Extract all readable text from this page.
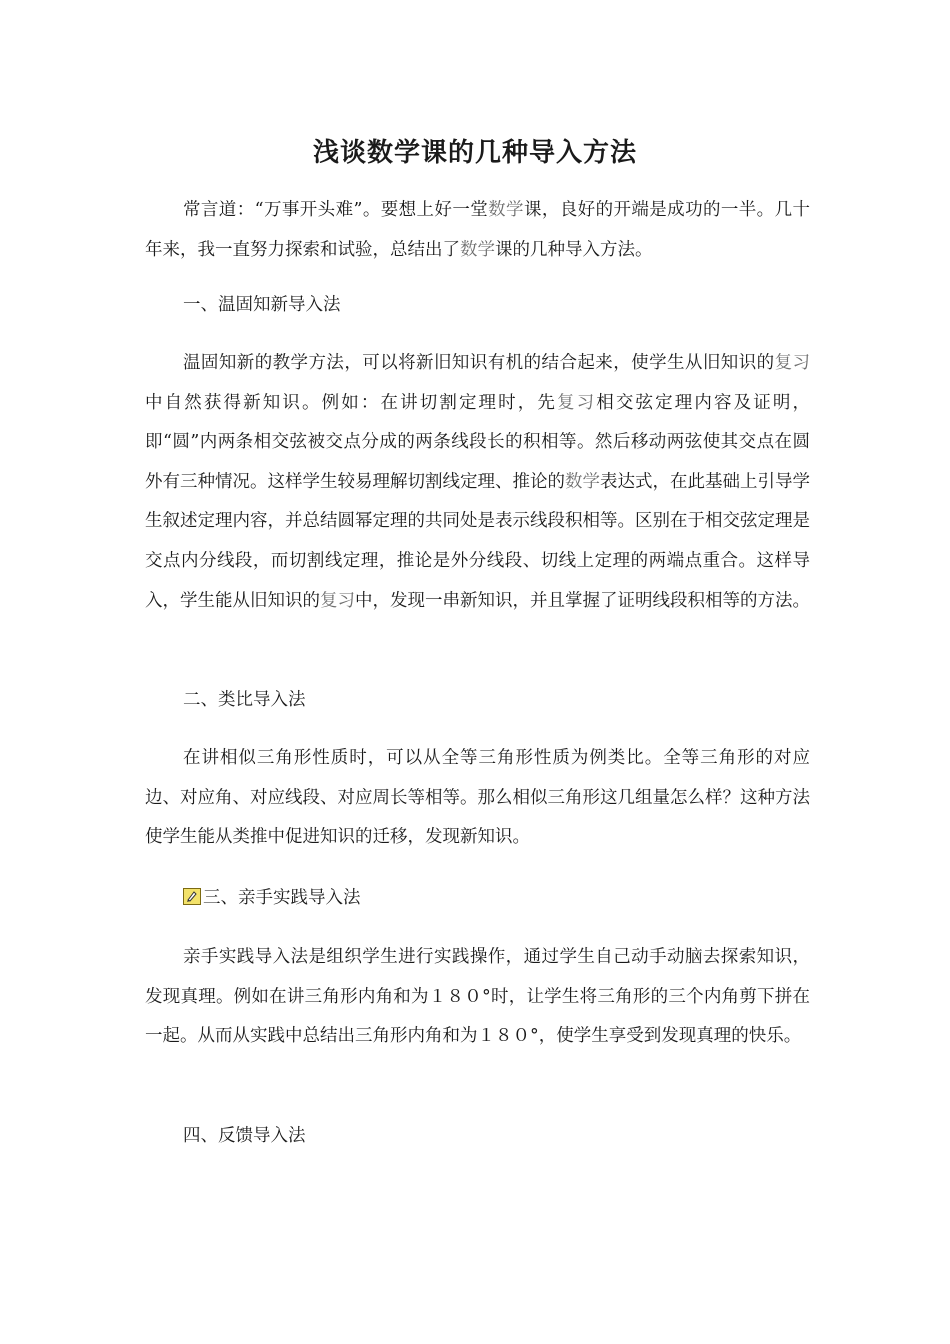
浅谈数学课的几种导入方法

常言道：“万事开头难”。要想上好一堂数学课，良好的开端是成功的一半。几十年来，我一直努力探索和试验，总结出了数学课的几种导入方法。

一、温固知新导入法

温固知新的教学方法，可以将新旧知识有机的结合起来，使学生从旧知识的复习中自然获得新知识。例如：在讲切割定理时，先复习相交弦定理内容及证明，即“圆”内两条相交弦被交点分成的两条线段长的积相等。然后移动两弦使其交点在圆外有三种情况。这样学生较易理解切割线定理、推论的数学表达式，在此基础上引导学生叙述定理内容，并总结圆幂定理的共同处是表示线段积相等。区别在于相交弦定理是交点内分线段，而切割线定理，推论是外分线段、切线上定理的两端点重合。这样导入，学生能从旧知识的复习中，发现一串新知识，并且掌握了证明线段积相等的方法。

二、类比导入法

在讲相似三角形性质时，可以从全等三角形性质为例类比。全等三角形的对应边、对应角、对应线段、对应周长等相等。那么相似三角形这几组量怎么样？这种方法使学生能从类推中促进知识的迁移，发现新知识。

三、亲手实践导入法

亲手实践导入法是组织学生进行实践操作，通过学生自己动手动脑去探索知识，发现真理。例如在讲三角形内角和为１８０°时，让学生将三角形的三个内角剪下拼在一起。从而从实践中总结出三角形内角和为１８０°，使学生享受到发现真理的快乐。

四、反馈导入法
